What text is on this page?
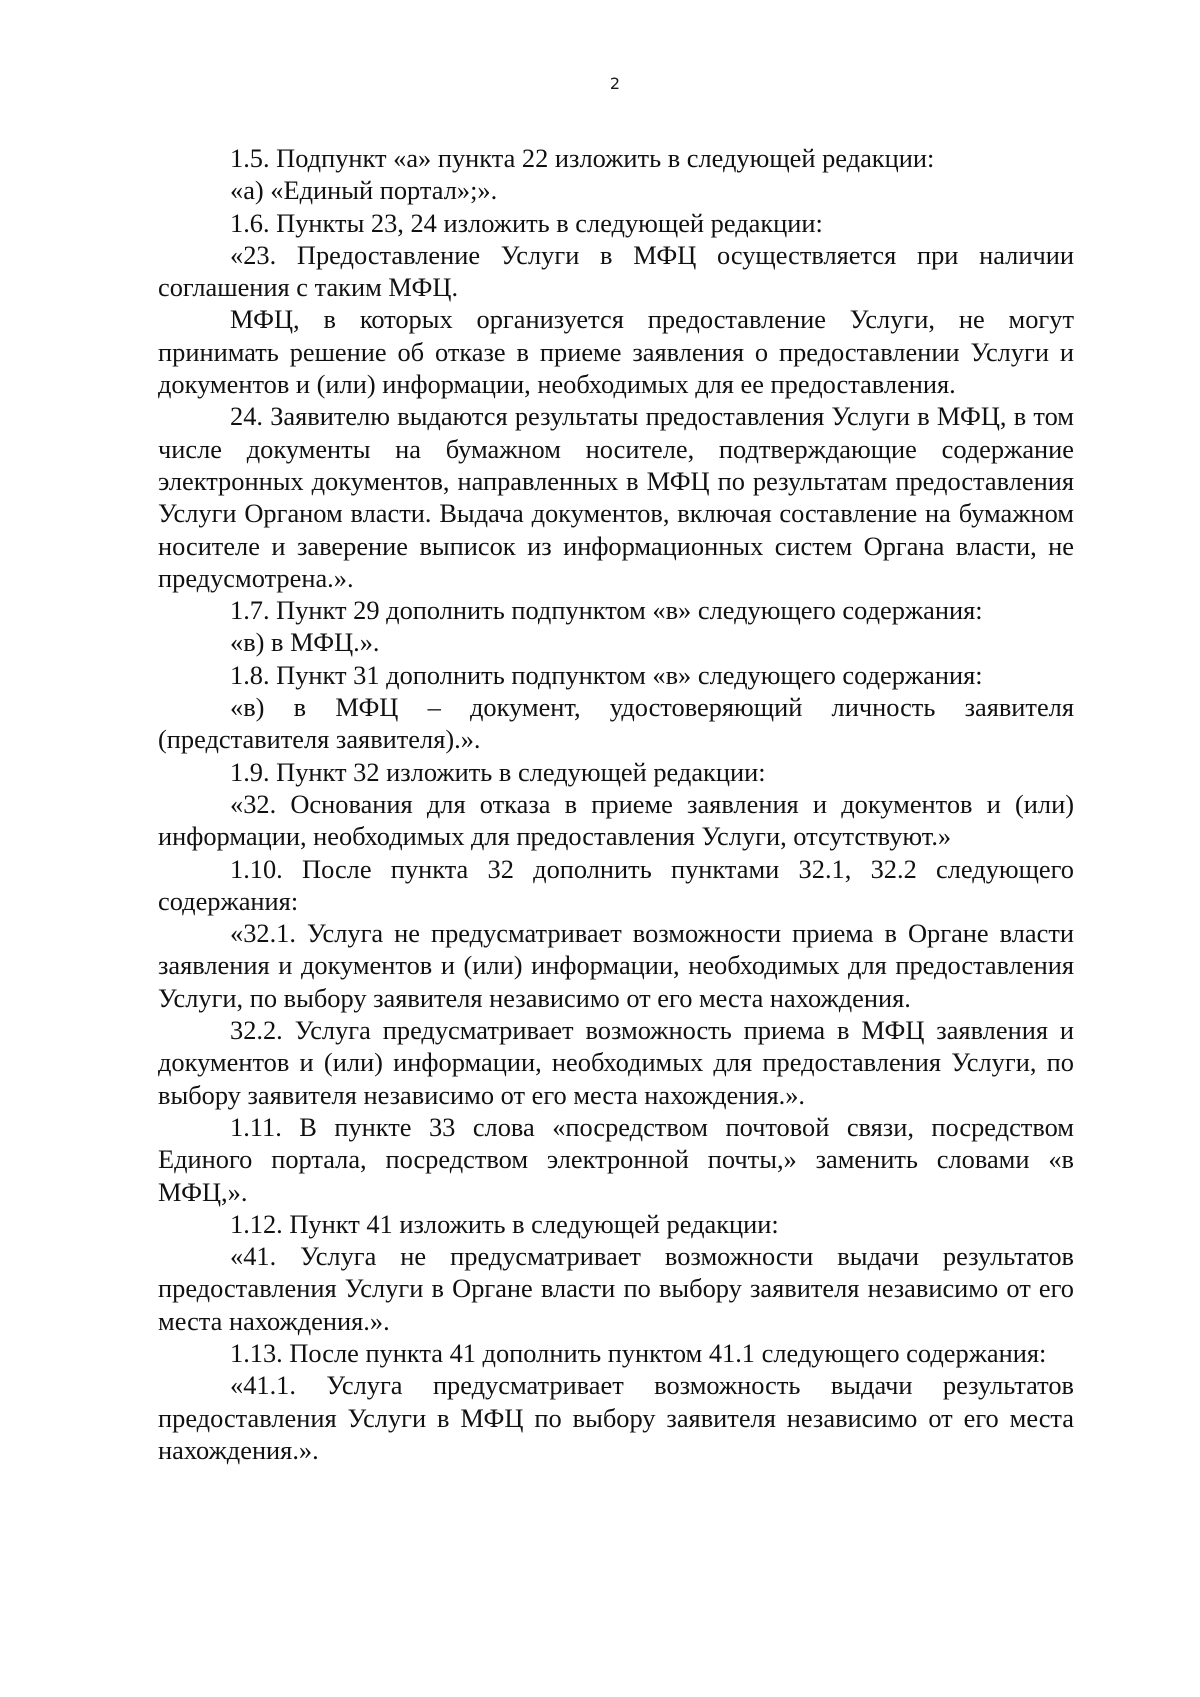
2

1.5. Подпункт «а» пункта 22 изложить в следующей редакции:

«а) «Единый портал»;».

1.6. Пункты 23, 24 изложить в следующей редакции:

«23. Предоставление Услуги в МФЦ осуществляется при наличии соглашения с таким МФЦ.

МФЦ, в которых организуется предоставление Услуги, не могут принимать решение об отказе в приеме заявления о предоставлении Услуги и документов и (или) информации, необходимых для ее предоставления.

24. Заявителю выдаются результаты предоставления Услуги в МФЦ, в том числе документы на бумажном носителе, подтверждающие содержание электронных документов, направленных в МФЦ по результатам предоставления Услуги Органом власти. Выдача документов, включая составление на бумажном носителе и заверение выписок из информационных систем Органа власти, не предусмотрена.».

1.7. Пункт 29 дополнить подпунктом «в» следующего содержания:

«в) в МФЦ.».

1.8. Пункт 31 дополнить подпунктом «в» следующего содержания:

«в) в МФЦ – документ, удостоверяющий личность заявителя (представителя заявителя).».

1.9. Пункт 32 изложить в следующей редакции:

«32. Основания для отказа в приеме заявления и документов и (или) информации, необходимых для предоставления Услуги, отсутствуют.»

1.10. После пункта 32 дополнить пунктами 32.1, 32.2 следующего содержания:

«32.1. Услуга не предусматривает возможности приема в Органе власти заявления и документов и (или) информации, необходимых для предоставления Услуги, по выбору заявителя независимо от его места нахождения.

32.2. Услуга предусматривает возможность приема в МФЦ заявления и документов и (или) информации, необходимых для предоставления Услуги, по выбору заявителя независимо от его места нахождения.».

1.11. В пункте 33 слова «посредством почтовой связи, посредством Единого портала, посредством электронной почты,» заменить словами «в МФЦ,».

1.12. Пункт 41 изложить в следующей редакции:

«41. Услуга не предусматривает возможности выдачи результатов предоставления Услуги в Органе власти по выбору заявителя независимо от его места нахождения.».

1.13. После пункта 41 дополнить пунктом 41.1 следующего содержания:

«41.1. Услуга предусматривает возможность выдачи результатов предоставления Услуги в МФЦ по выбору заявителя независимо от его места нахождения.».
